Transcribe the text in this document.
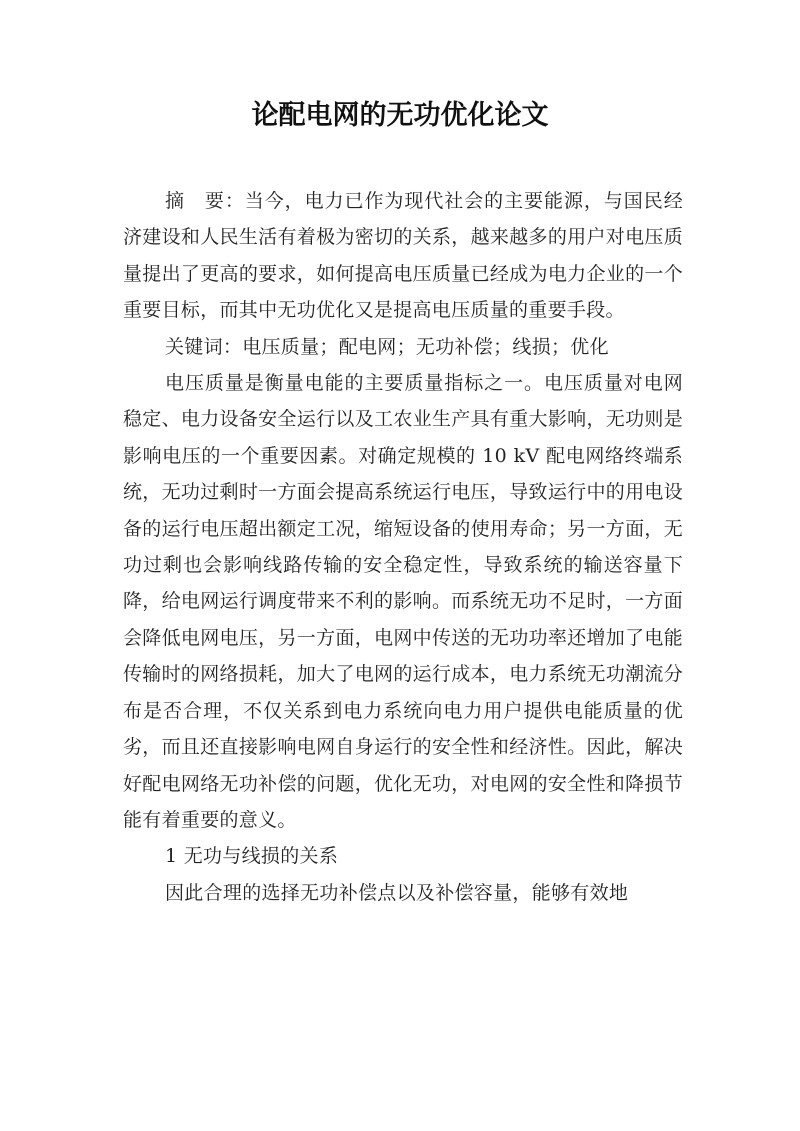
论配电网的无功优化论文

摘　要：当今，电力已作为现代社会的主要能源，与国民经济建设和人民生活有着极为密切的关系，越来越多的用户对电压质量提出了更高的要求，如何提高电压质量已经成为电力企业的一个重要目标，而其中无功优化又是提高电压质量的重要手段。

关键词：电压质量；配电网；无功补偿；线损；优化

电压质量是衡量电能的主要质量指标之一。电压质量对电网稳定、电力设备安全运行以及工农业生产具有重大影响，无功则是影响电压的一个重要因素。对确定规模的 10 kV 配电网络终端系统，无功过剩时一方面会提高系统运行电压，导致运行中的用电设备的运行电压超出额定工况，缩短设备的使用寿命；另一方面，无功过剩也会影响线路传输的安全稳定性，导致系统的输送容量下降，给电网运行调度带来不利的影响。而系统无功不足时，一方面会降低电网电压，另一方面，电网中传送的无功功率还增加了电能传输时的网络损耗，加大了电网的运行成本，电力系统无功潮流分布是否合理，不仅关系到电力系统向电力用户提供电能质量的优劣，而且还直接影响电网自身运行的安全性和经济性。因此，解决好配电网络无功补偿的问题，优化无功，对电网的安全性和降损节能有着重要的意义。

1 无功与线损的关系

因此合理的选择无功补偿点以及补偿容量，能够有效地
